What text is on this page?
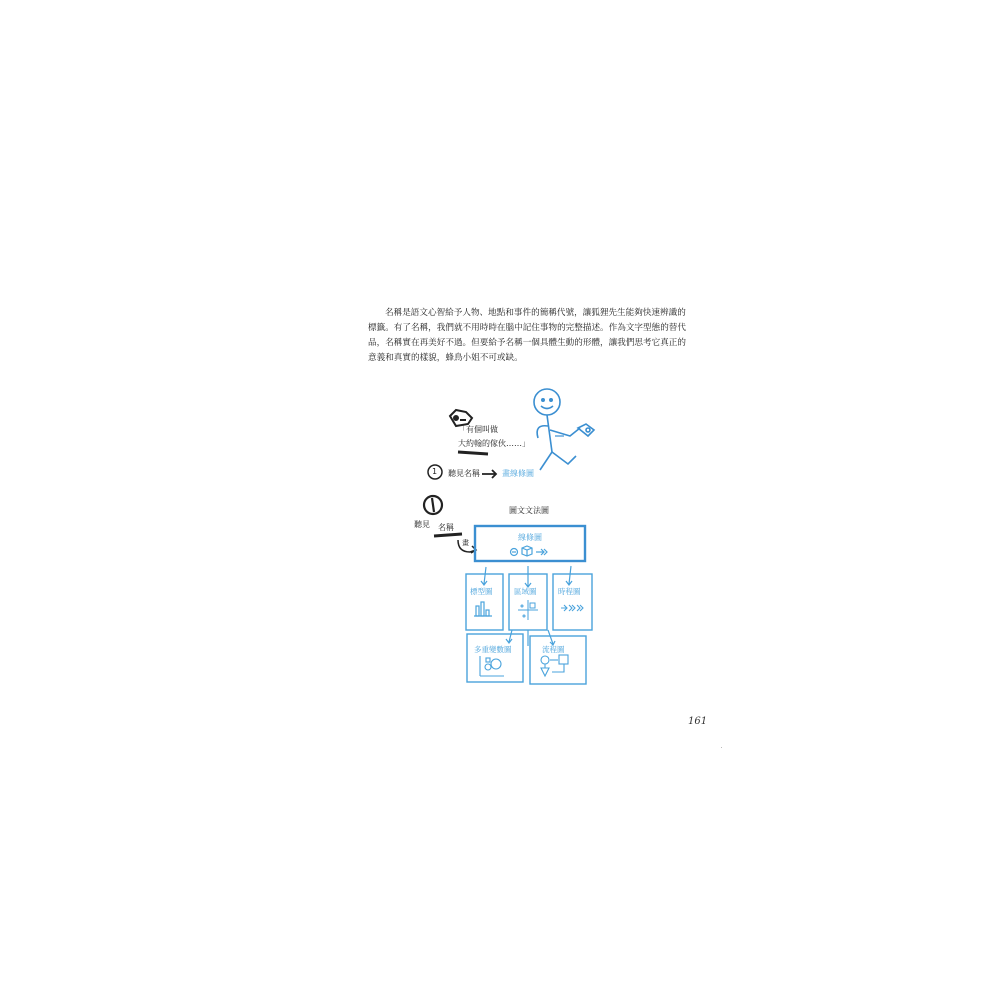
名稱是語文心智給予人物、地點和事件的簡稱代號，讓狐狸先生能夠快速辨識的
標籤。有了名稱，我們就不用時時在腦中記住事物的完整描述。作為文字型態的替代
品，名稱實在再美好不過。但要給予名稱一個具體生動的形體，讓我們思考它真正的
意義和真實的樣貌，蜂鳥小姐不可或缺。
「有個叫做
大約翰的傢伙……」
1 聽見名稱	畫線條圖
圖文文法圖
聽見 名稱
畫
線條圖
標型圖	區域圖	時程圖
多重變數圖	流程圖
161
